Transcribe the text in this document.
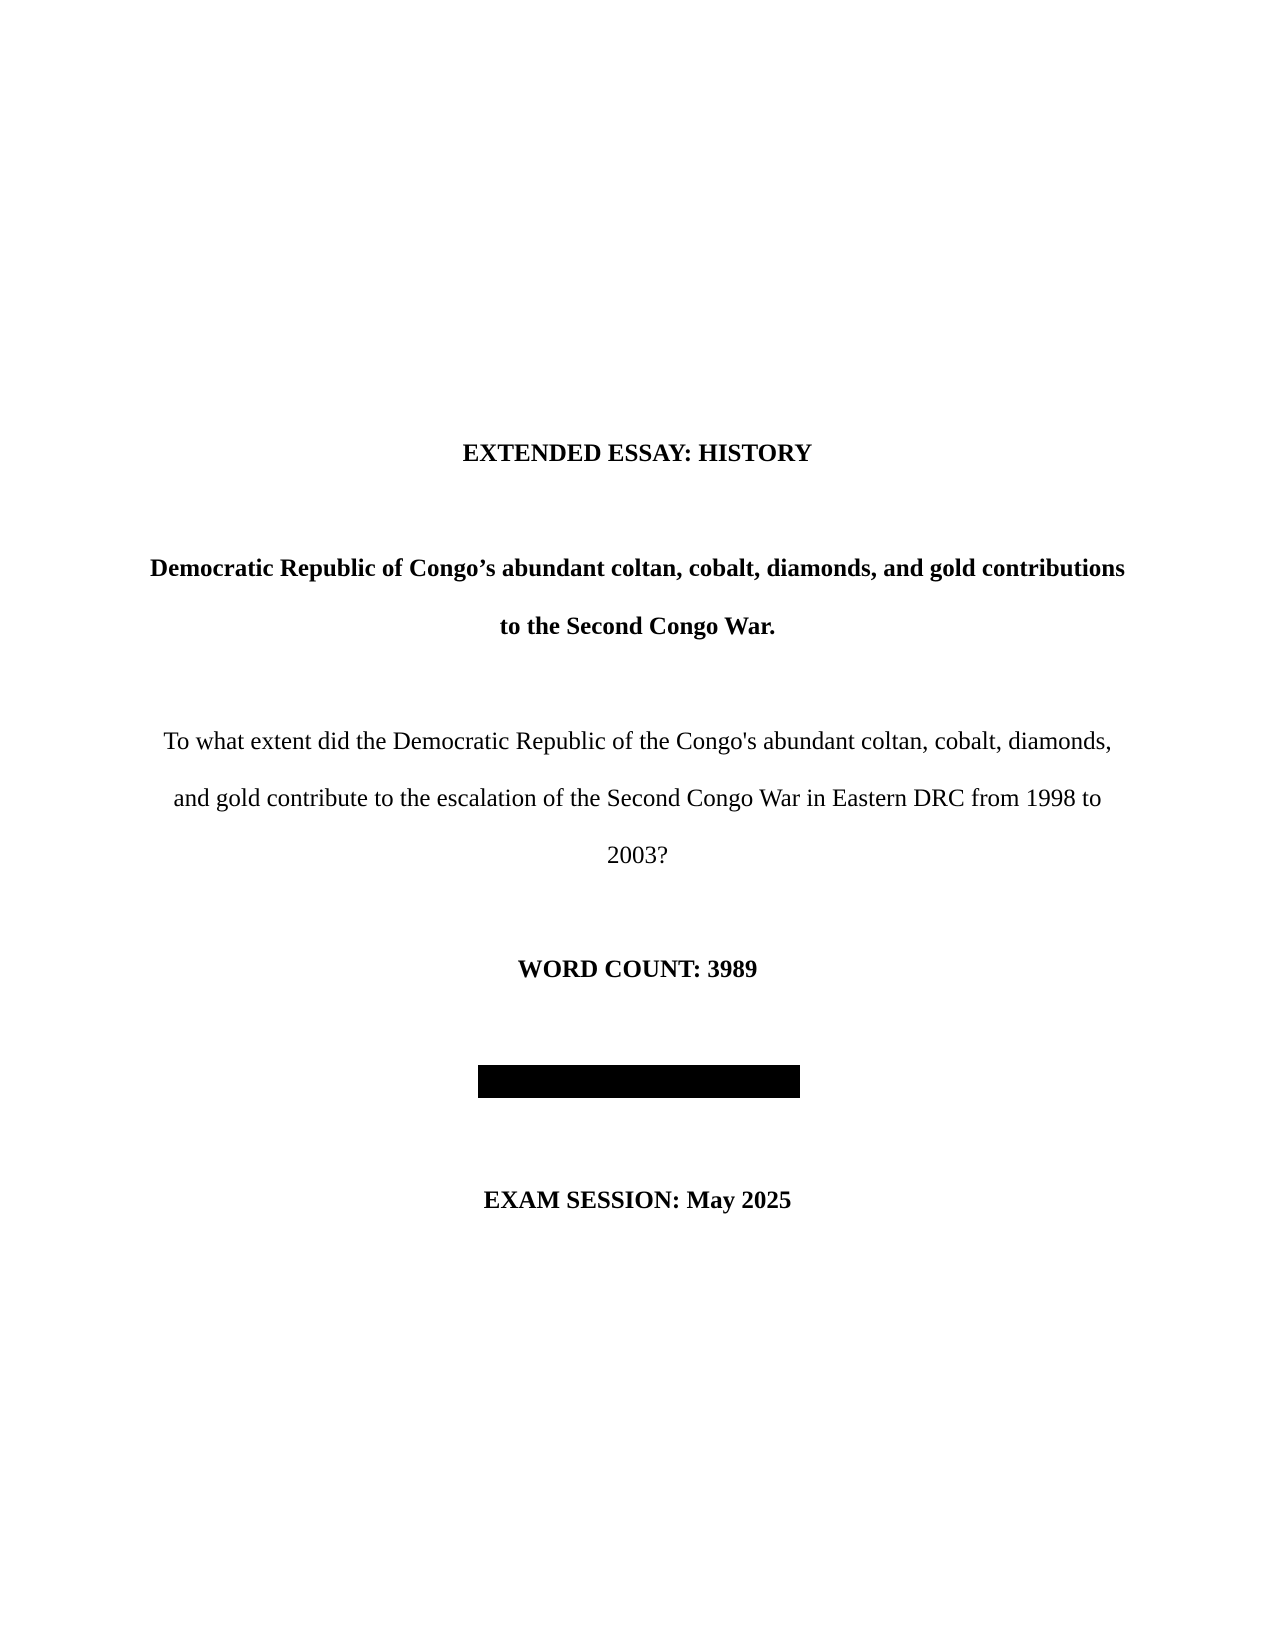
EXTENDED ESSAY: HISTORY
Democratic Republic of Congo’s abundant coltan, cobalt, diamonds, and gold contributions
to the Second Congo War.
To what extent did the Democratic Republic of the Congo's abundant coltan, cobalt, diamonds,
and gold contribute to the escalation of the Second Congo War in Eastern DRC from 1998 to
2003?
WORD COUNT: 3989
EXAM SESSION: May 2025
